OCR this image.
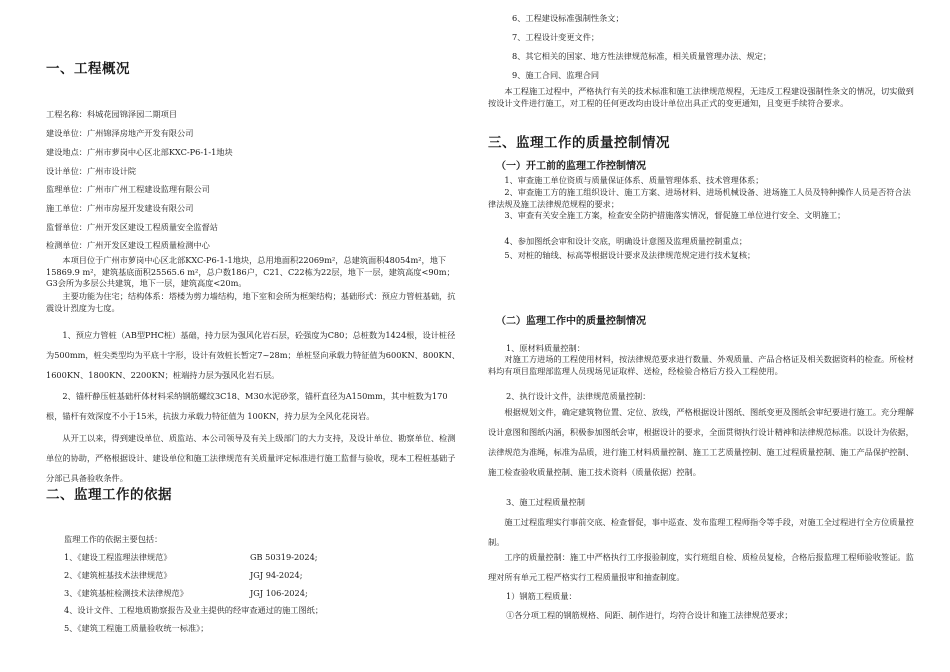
一、工程概况
工程名称：科城花园锦泽园二期项目
建设单位：广州锦泽房地产开发有限公司
建设地点：广州市萝岗中心区北部KXC-P6-1-1地块
设计单位：广州市设计院
监理单位：广州市广州工程建设监理有限公司
施工单位：广州市房屋开发建设有限公司
监督单位：广州开发区建设工程质量安全监督站
检测单位：广州开发区建设工程质量检测中心
本项目位于广州市萝岗中心区北部KXC-P6-1-1地块，总用地面积22069m²，总建筑面积48054m²，地下15869.9 m²，建筑基底面积25565.6 m²，总户数186户，C21、C22栋为22层，地下一层，建筑高度<90m；G3会所为多层公共建筑，地下一层，建筑高度<20m。
主要功能为住宅；结构体系：塔楼为剪力墙结构，地下室和会所为框架结构；基础形式：预应力管桩基础，抗震设计烈度为七度。
1、预应力管桩（AB型PHC桩）基础，持力层为强风化岩石层，砼强度为C80；总桩数为1424根，设计桩径为500mm，桩尖类型均为平底十字形，设计有效桩长暂定7~28m；单桩竖向承载力特征值为600KN、800KN、1600KN、1800KN、2200KN；桩端持力层为强风化岩石层。
2、锚杆静压桩基础杆体材料采纳钢筋螺纹3C18、M30水泥砂浆，锚杆直径为A150mm，其中桩数为170根，锚杆有效深度不小于15米，抗拔力承载力特征值为 100KN，持力层为全风化花岗岩。
从开工以来，得到建设单位、质监站、本公司领导及有关上级部门的大力支持，及设计单位、勘察单位、检测单位的协助，严格根据设计、建设单位和施工法律规范有关质量评定标准进行施工监督与验收，现本工程桩基础子分部已具备验收条件。
二、监理工作的依据
监理工作的依据主要包括：
1、《建设工程监理法律规范》	GB 50319-2024;
2、《建筑桩基技术法律规范》	JGJ 94-2024;
3、《建筑基桩检测技术法律规范》	JGJ 106-2024;
4、设计文件、工程地质勘察报告及业主提供的经审查通过的施工图纸；
5、《建筑工程施工质量验收统一标准》；
6、工程建设标准强制性条文；
7、工程设计变更文件；
8、其它相关的国家、地方性法律规范标准，相关质量管理办法、规定；
9、施工合同、监理合同
本工程施工过程中，严格执行有关的技术标准和施工法律规范规程，无违反工程建设强制性条文的情况，切实做到按设计文件进行施工，对工程的任何更改均由设计单位出具正式的变更通知，且变更手续符合要求。
三、监理工作的质量控制情况
（一）开工前的监理工作控制情况
1、审查施工单位资质与质量保证体系、质量管理体系、技术管理体系；
2、审查施工方的施工组织设计、施工方案、进场材料、进场机械设备、进场施工人员及特种操作人员是否符合法律法规及施工法律规范规程的要求；
3、审查有关安全施工方案，检查安全防护措施落实情况，督促施工单位进行安全、文明施工；
4、参加图纸会审和设计交底，明确设计意图及监理质量控制重点；
5、对桩的轴线、标高等根据设计要求及法律规范规定进行技术复核；
（二）监理工作中的质量控制情况
1、原材料质量控制：
对施工方进场的工程使用材料，按法律规范要求进行数量、外观质量、产品合格证及相关数据资料的检查。所检材料均有项目监理部监理人员现场见证取样、送检，经检验合格后方投入工程使用。
2、执行设计文件，法律规范质量控制：
根据规划文件，确定建筑物位置、定位、放线，严格根据设计图纸、图纸变更及图纸会审纪要进行施工。充分理解设计意图和图纸内涵，积极参加图纸会审，根据设计的要求，全面贯彻执行设计精神和法律规范标准。以设计为依据，法律规范为准绳，标准为品质，进行施工材料质量控制、施工工艺质量控制、施工过程质量控制、施工产品保护控制、施工检查验收质量控制、施工技术资料（质量依据）控制。
3、施工过程质量控制
施工过程监理实行事前交底、检查督促，事中巡查、发布监理工程师指令等手段，对施工全过程进行全方位质量控制。
工序的质量控制：施工中严格执行工序报验制度，实行班组自检、质检员复检，合格后报监理工程师验收签证。监理对所有单元工程严格实行工程质量报审和抽查制度。
1）钢筋工程质量：
①各分项工程的钢筋规格、间距、制作进行，均符合设计和施工法律规范要求；
